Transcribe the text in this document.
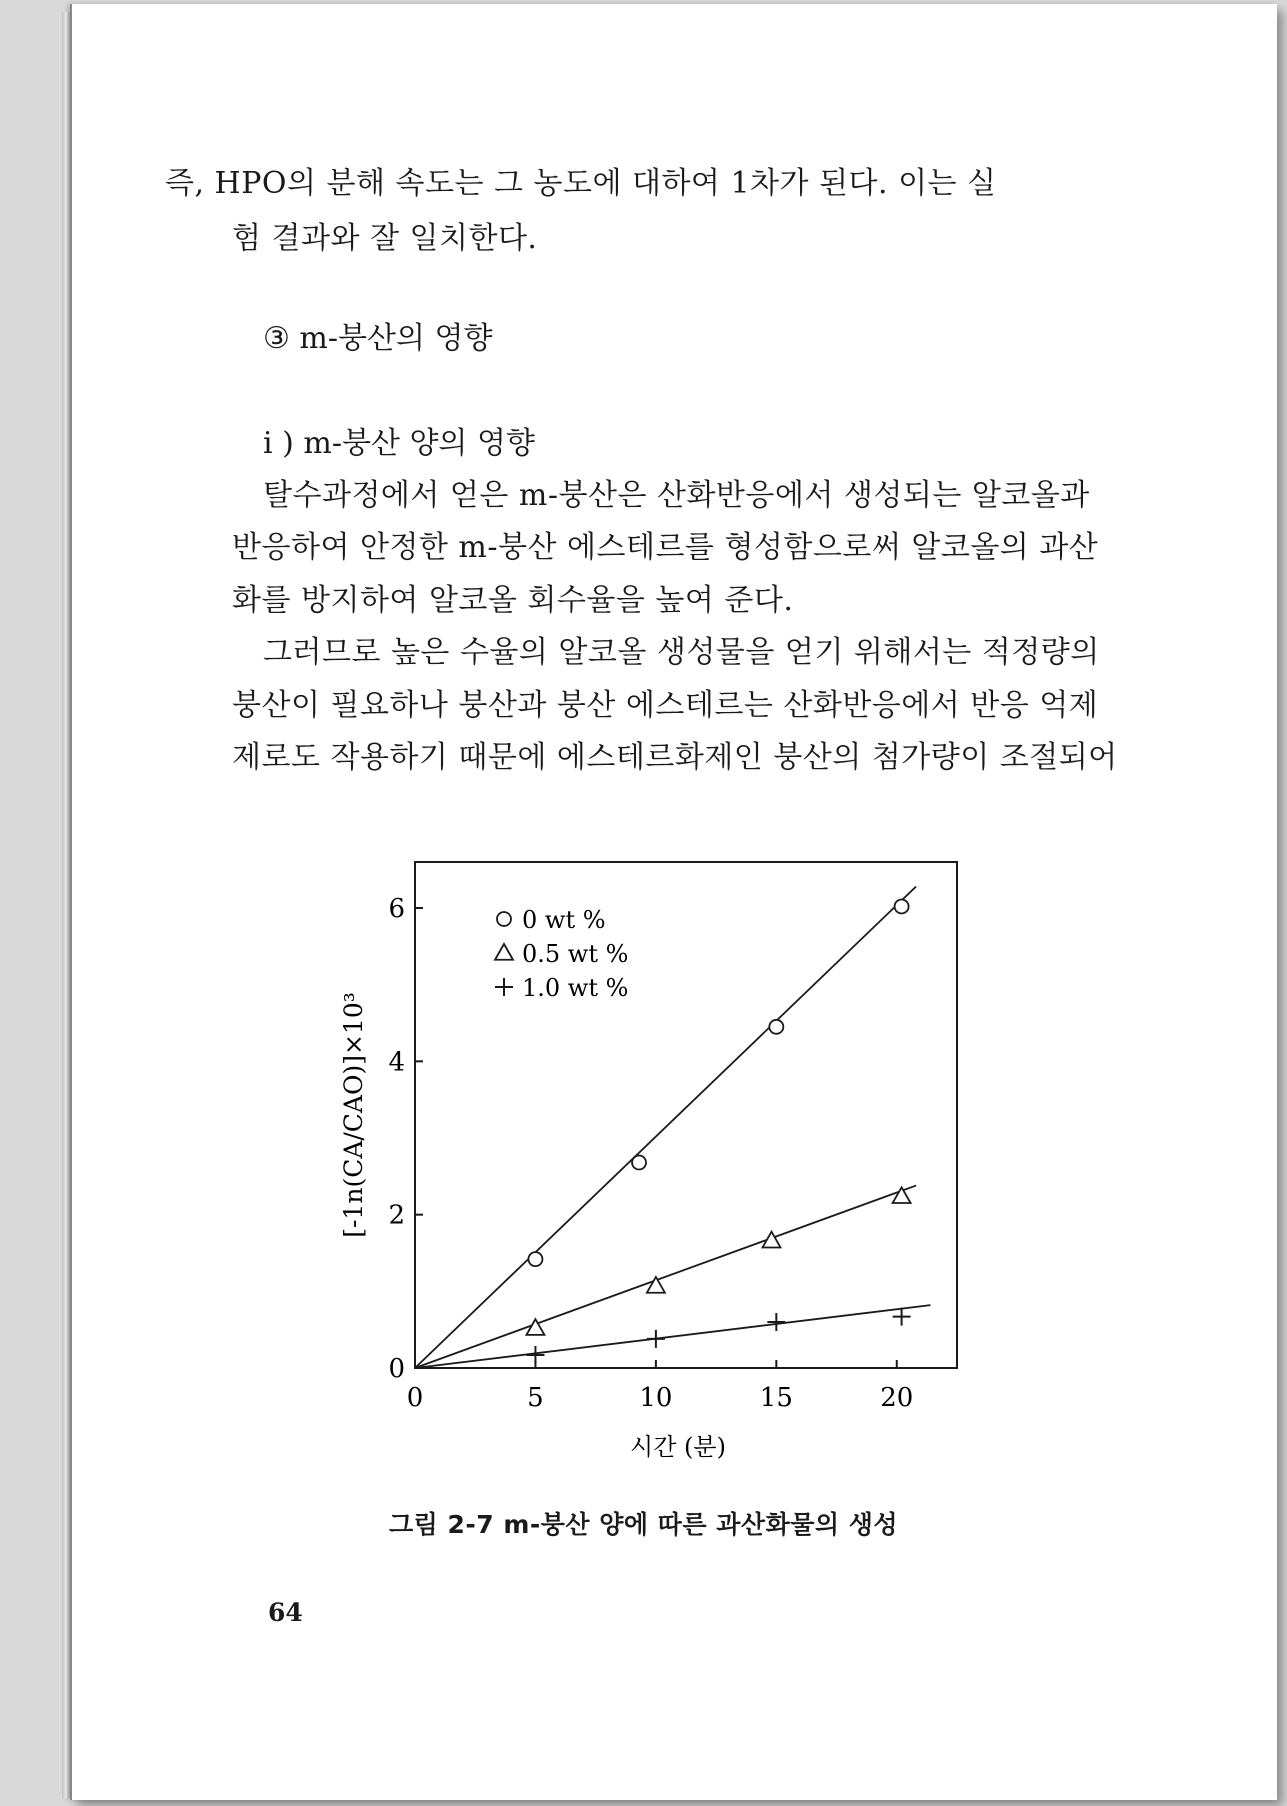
즉, HPO의 분해 속도는 그 농도에 대하여 1차가 된다. 이는 실

험 결과와 잘 일치한다.

③ m-붕산의 영향

i ) m-붕산 양의 영향

탈수과정에서 얻은 m-붕산은 산화반응에서 생성되는 알코올과

반응하여 안정한 m-붕산 에스테르를 형성함으로써 알코올의 과산

화를 방지하여 알코올 회수율을 높여 준다.

그러므로 높은 수율의 알코올 생성물을 얻기 위해서는 적정량의

붕산이 필요하나 붕산과 붕산 에스테르는 산화반응에서 반응 억제

제로도 작용하기 때문에 에스테르화제인 붕산의 첨가량이 조절되어

0	5	10	15	20
0
2
4
6	0 wt %
0.5 wt %
1.0 wt %
시간 (분)
[-1n(CA/CAO)]×10³
그림 2-7 m-붕산 양에 따른 과산화물의 생성
64
